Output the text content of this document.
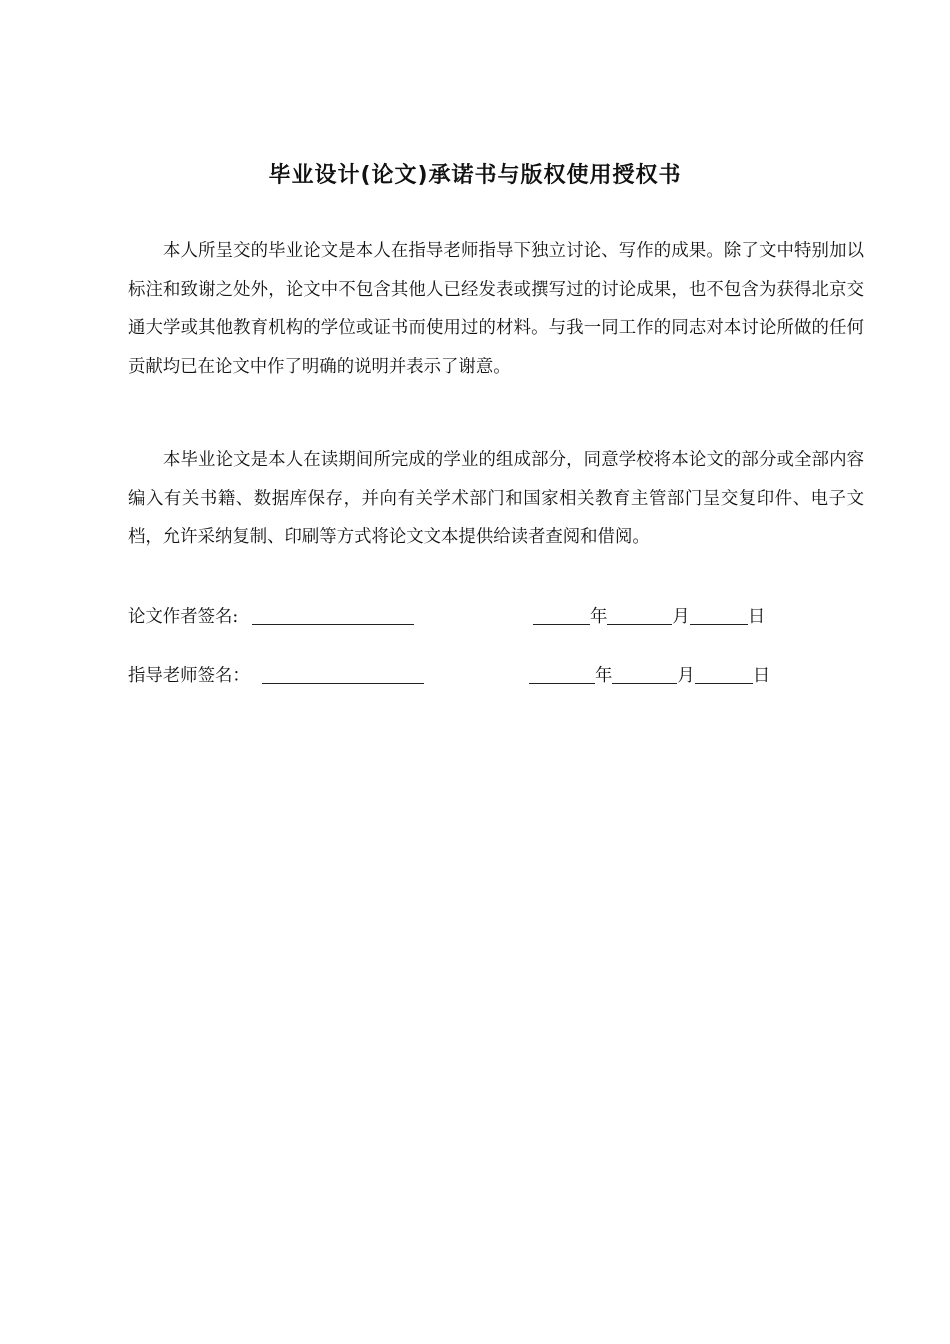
毕业设计(论文)承诺书与版权使用授权书

本人所呈交的毕业论文是本人在指导老师指导下独立讨论、写作的成果。除了文中特别加以标注和致谢之处外，论文中不包含其他人已经发表或撰写过的讨论成果，也不包含为获得北京交通大学或其他教育机构的学位或证书而使用过的材料。与我一同工作的同志对本讨论所做的任何贡献均已在论文中作了明确的说明并表示了谢意。

本毕业论文是本人在读期间所完成的学业的组成部分，同意学校将本论文的部分或全部内容编入有关书籍、数据库保存，并向有关学术部门和国家相关教育主管部门呈交复印件、电子文档，允许采纳复制、印刷等方式将论文文本提供给读者查阅和借阅。

论文作者签名:	年	月	日
指导老师签名：	年	月	日
